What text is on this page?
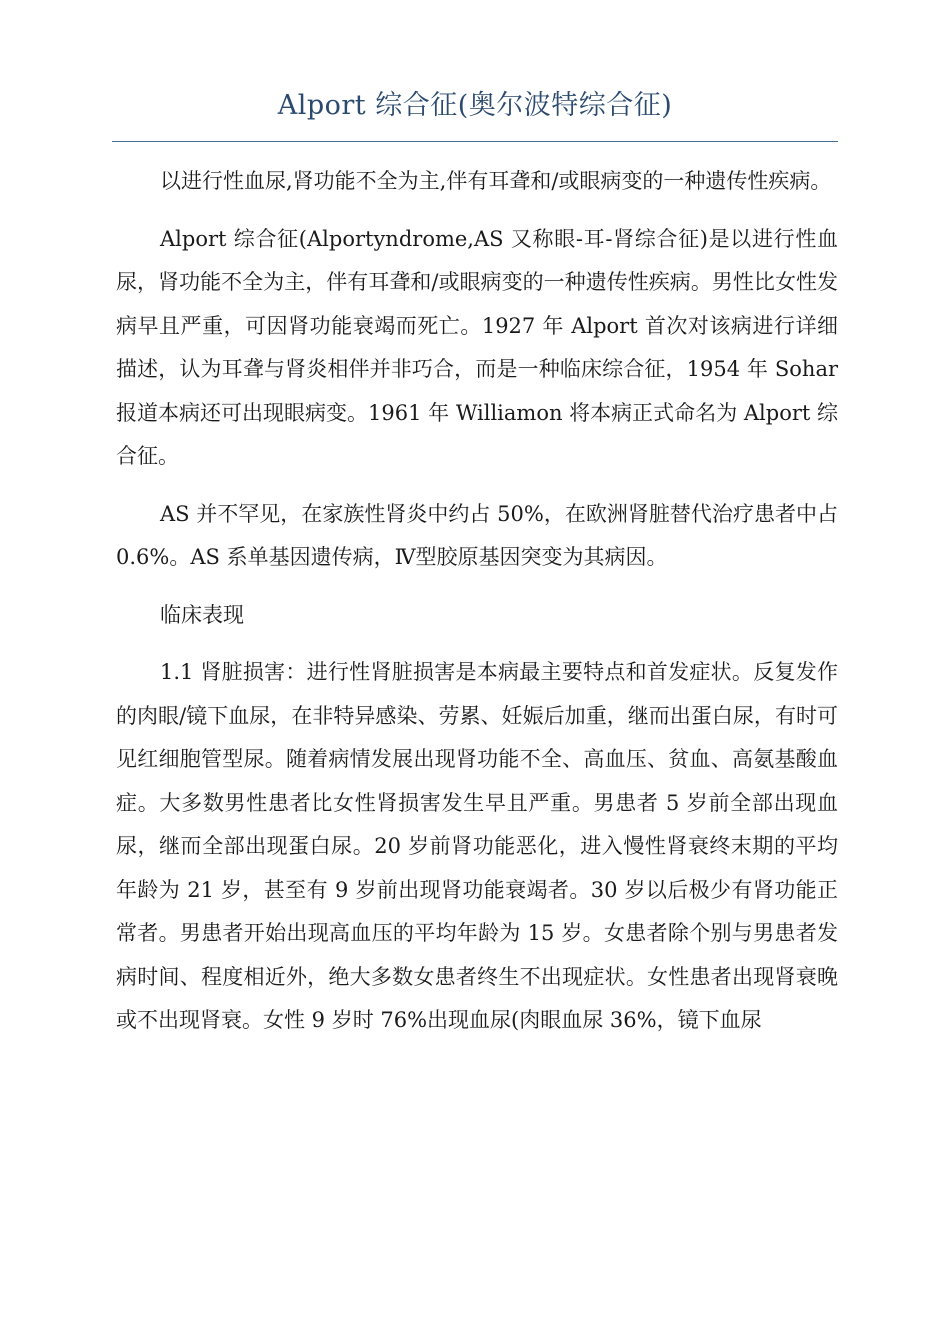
Alport 综合征(奥尔波特综合征)

以进行性血尿,肾功能不全为主,伴有耳聋和/或眼病变的一种遗传性疾病。

Alport 综合征(Alportyndrome,AS 又称眼-耳-肾综合征)是以进行性血尿，肾功能不全为主，伴有耳聋和/或眼病变的一种遗传性疾病。男性比女性发病早且严重，可因肾功能衰竭而死亡。1927 年 Alport 首次对该病进行详细描述，认为耳聋与肾炎相伴并非巧合，而是一种临床综合征，1954 年 Sohar 报道本病还可出现眼病变。1961 年 Williamon 将本病正式命名为 Alport 综合征。

AS 并不罕见，在家族性肾炎中约占 50%，在欧洲肾脏替代治疗患者中占 0.6%。AS 系单基因遗传病，Ⅳ型胶原基因突变为其病因。

临床表现

1.1 肾脏损害：进行性肾脏损害是本病最主要特点和首发症状。反复发作的肉眼/镜下血尿，在非特异感染、劳累、妊娠后加重，继而出蛋白尿，有时可见红细胞管型尿。随着病情发展出现肾功能不全、高血压、贫血、高氨基酸血症。大多数男性患者比女性肾损害发生早且严重。男患者 5 岁前全部出现血尿，继而全部出现蛋白尿。20 岁前肾功能恶化，进入慢性肾衰终末期的平均年龄为 21 岁，甚至有 9 岁前出现肾功能衰竭者。30 岁以后极少有肾功能正常者。男患者开始出现高血压的平均年龄为 15 岁。女患者除个别与男患者发病时间、程度相近外，绝大多数女患者终生不出现症状。女性患者出现肾衰晚或不出现肾衰。女性 9 岁时 76%出现血尿(肉眼血尿 36%，镜下血尿
